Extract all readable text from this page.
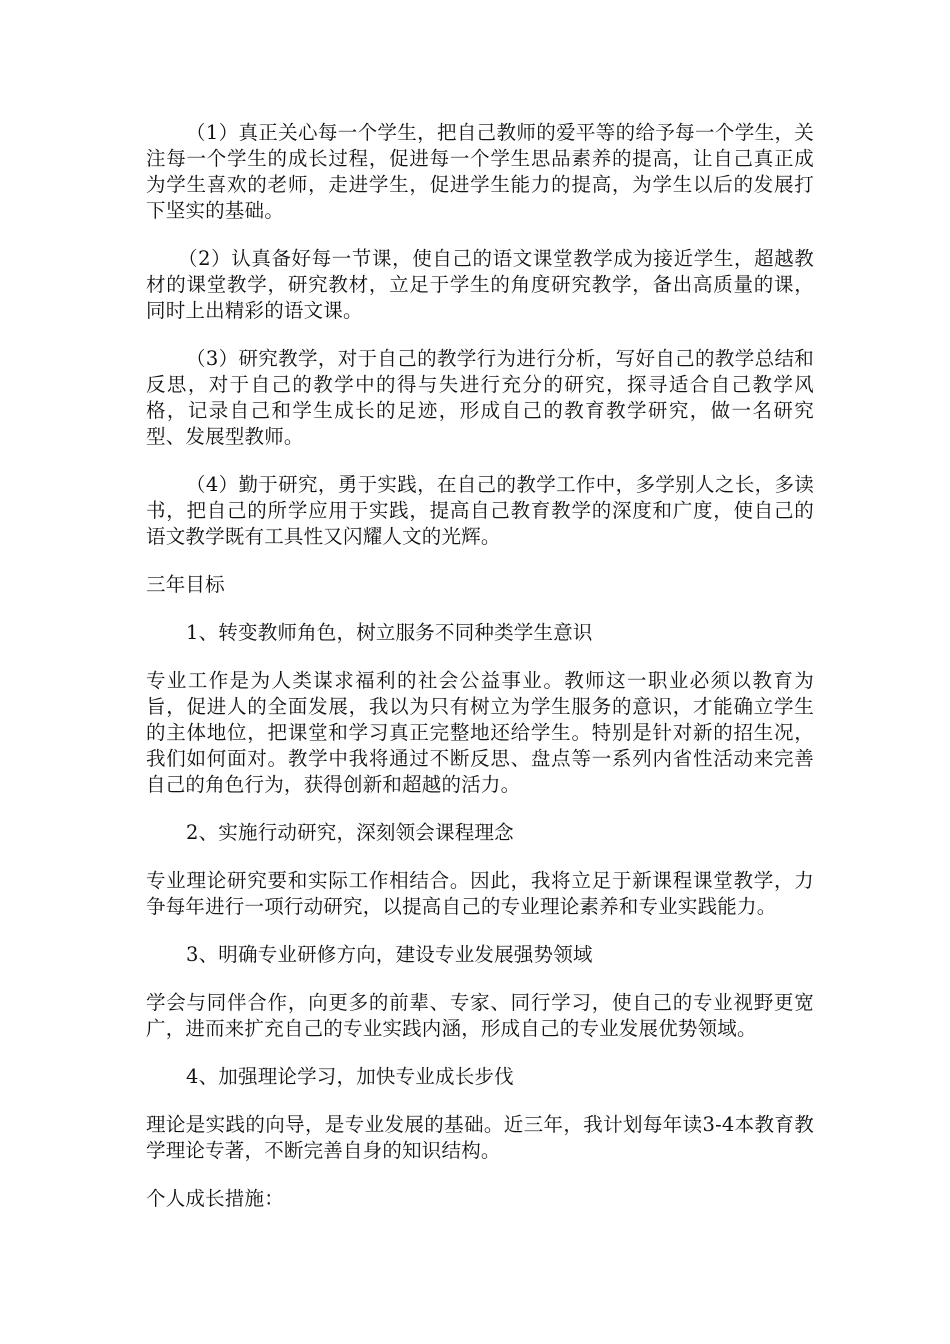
（1）真正关心每一个学生，把自己教师的爱平等的给予每一个学生，关注每一个学生的成长过程，促进每一个学生思品素养的提高，让自己真正成为学生喜欢的老师，走进学生，促进学生能力的提高，为学生以后的发展打下坚实的基础。

（2）认真备好每一节课，使自己的语文课堂教学成为接近学生，超越教材的课堂教学，研究教材，立足于学生的角度研究教学，备出高质量的课，同时上出精彩的语文课。

（3）研究教学，对于自己的教学行为进行分析，写好自己的教学总结和反思，对于自己的教学中的得与失进行充分的研究，探寻适合自己教学风格，记录自己和学生成长的足迹，形成自己的教育教学研究，做一名研究型、发展型教师。

（4）勤于研究，勇于实践，在自己的教学工作中，多学别人之长，多读书，把自己的所学应用于实践，提高自己教育教学的深度和广度，使自己的语文教学既有工具性又闪耀人文的光辉。

三年目标

1、转变教师角色，树立服务不同种类学生意识

专业工作是为人类谋求福利的社会公益事业。教师这一职业必须以教育为旨，促进人的全面发展，我以为只有树立为学生服务的意识，才能确立学生的主体地位，把课堂和学习真正完整地还给学生。特别是针对新的招生况，我们如何面对。教学中我将通过不断反思、盘点等一系列内省性活动来完善自己的角色行为，获得创新和超越的活力。

2、实施行动研究，深刻领会课程理念

专业理论研究要和实际工作相结合。因此，我将立足于新课程课堂教学，力争每年进行一项行动研究，以提高自己的专业理论素养和专业实践能力。

3、明确专业研修方向，建设专业发展强势领域

学会与同伴合作，向更多的前辈、专家、同行学习，使自己的专业视野更宽广，进而来扩充自己的专业实践内涵，形成自己的专业发展优势领域。

4、加强理论学习，加快专业成长步伐

理论是实践的向导，是专业发展的基础。近三年，我计划每年读3-4本教育教学理论专著，不断完善自身的知识结构。

个人成长措施：
